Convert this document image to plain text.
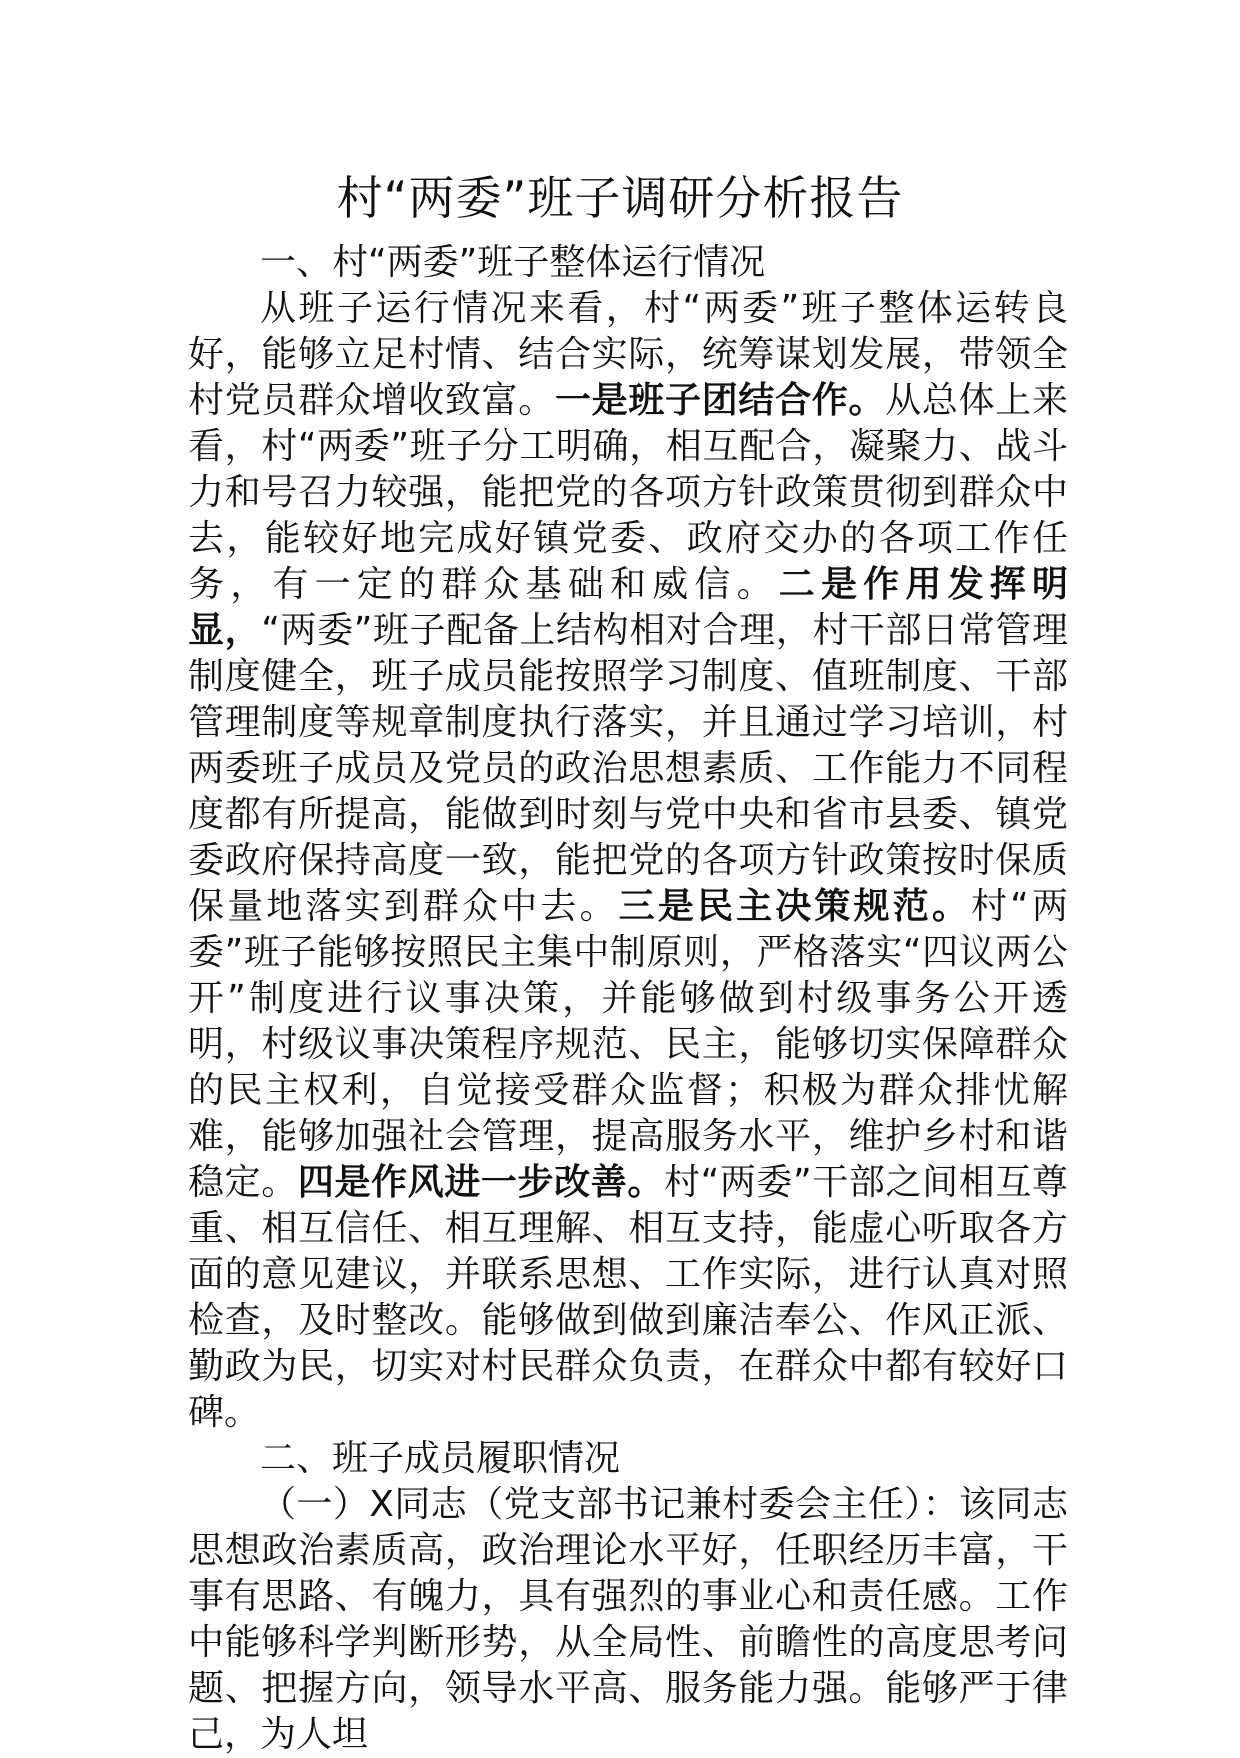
村“两委”班子调研分析报告

一、村“两委”班子整体运行情况

从班子运行情况来看，村“两委”班子整体运转良好，能够立足村情、结合实际，统筹谋划发展，带领全村党员群众增收致富。一是班子团结合作。从总体上来看，村“两委”班子分工明确，相互配合，凝聚力、战斗力和号召力较强，能把党的各项方针政策贯彻到群众中去，能较好地完成好镇党委、政府交办的各项工作任务，有一定的群众基础和威信。二是作用发挥明显，“两委”班子配备上结构相对合理，村干部日常管理制度健全，班子成员能按照学习制度、值班制度、干部管理制度等规章制度执行落实，并且通过学习培训，村两委班子成员及党员的政治思想素质、工作能力不同程度都有所提高，能做到时刻与党中央和省市县委、镇党委政府保持高度一致，能把党的各项方针政策按时保质保量地落实到群众中去。三是民主决策规范。村“两委”班子能够按照民主集中制原则，严格落实“四议两公开”制度进行议事决策，并能够做到村级事务公开透明，村级议事决策程序规范、民主，能够切实保障群众的民主权利，自觉接受群众监督；积极为群众排忧解难，能够加强社会管理，提高服务水平，维护乡村和谐稳定。四是作风进一步改善。村“两委”干部之间相互尊重、相互信任、相互理解、相互支持，能虚心听取各方面的意见建议，并联系思想、工作实际，进行认真对照检查，及时整改。能够做到做到廉洁奉公、作风正派、勤政为民，切实对村民群众负责，在群众中都有较好口碑。

二、班子成员履职情况

（一）X同志（党支部书记兼村委会主任）：该同志思想政治素质高，政治理论水平好，任职经历丰富，干事有思路、有魄力，具有强烈的事业心和责任感。工作中能够科学判断形势，从全局性、前瞻性的高度思考问题、把握方向，领导水平高、服务能力强。能够严于律己，为人坦
